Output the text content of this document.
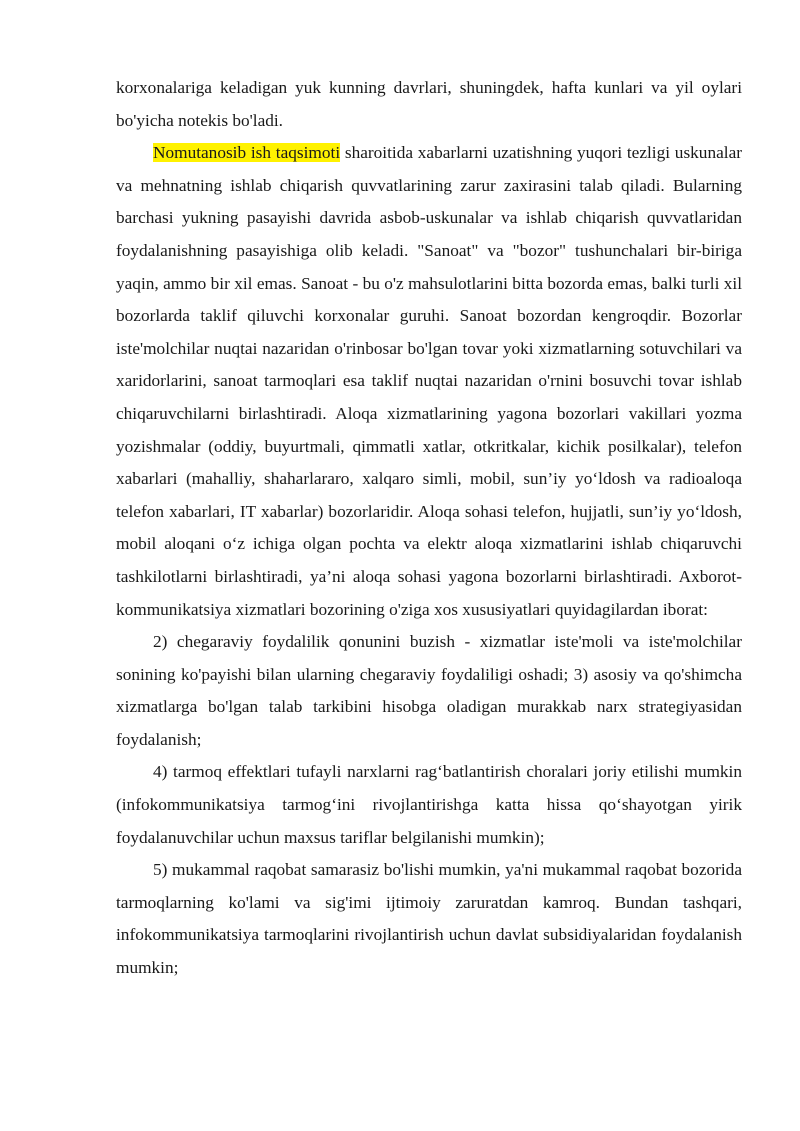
korxonalariga keladigan yuk kunning davrlari, shuningdek, hafta kunlari va yil oylari bo'yicha notekis bo'ladi.

Nomutanosib ish taqsimoti sharoitida xabarlarni uzatishning yuqori tezligi uskunalar va mehnatning ishlab chiqarish quvvatlarining zarur zaxirasini talab qiladi. Bularning barchasi yukning pasayishi davrida asbob-uskunalar va ishlab chiqarish quvvatlaridan foydalanishning pasayishiga olib keladi. "Sanoat" va "bozor" tushunchalari bir-biriga yaqin, ammo bir xil emas. Sanoat - bu o'z mahsulotlarini bitta bozorda emas, balki turli xil bozorlarda taklif qiluvchi korxonalar guruhi. Sanoat bozordan kengroqdir. Bozorlar iste'molchilar nuqtai nazaridan o'rinbosar bo'lgan tovar yoki xizmatlarning sotuvchilari va xaridorlarini, sanoat tarmoqlari esa taklif nuqtai nazaridan o'rnini bosuvchi tovar ishlab chiqaruvchilarni birlashtiradi. Aloqa xizmatlarining yagona bozorlari vakillari yozma yozishmalar (oddiy, buyurtmali, qimmatli xatlar, otkritkalar, kichik posilkalar), telefon xabarlari (mahalliy, shaharlararo, xalqaro simli, mobil, sun’iy yo‘ldosh va radioaloqa telefon xabarlari, IT xabarlar) bozorlaridir. Aloqa sohasi telefon, hujjatli, sun’iy yo‘ldosh, mobil aloqani o‘z ichiga olgan pochta va elektr aloqa xizmatlarini ishlab chiqaruvchi tashkilotlarni birlashtiradi, ya’ni aloqa sohasi yagona bozorlarni birlashtiradi. Axborot-kommunikatsiya xizmatlari bozorining o'ziga xos xususiyatlari quyidagilardan iborat:

2) chegaraviy foydalilik qonunini buzish - xizmatlar iste'moli va iste'molchilar sonining ko'payishi bilan ularning chegaraviy foydaliligi oshadi; 3) asosiy va qo'shimcha xizmatlarga bo'lgan talab tarkibini hisobga oladigan murakkab narx strategiyasidan foydalanish;

4) tarmoq effektlari tufayli narxlarni rag‘batlantirish choralari joriy etilishi mumkin (infokommunikatsiya tarmog‘ini rivojlantirishga katta hissa qo‘shayotgan yirik foydalanuvchilar uchun maxsus tariflar belgilanishi mumkin);

5) mukammal raqobat samarasiz bo'lishi mumkin, ya'ni mukammal raqobat bozorida tarmoqlarning ko'lami va sig'imi ijtimoiy zaruratdan kamroq. Bundan tashqari, infokommunikatsiya tarmoqlarini rivojlantirish uchun davlat subsidiyalaridan foydalanish mumkin;
